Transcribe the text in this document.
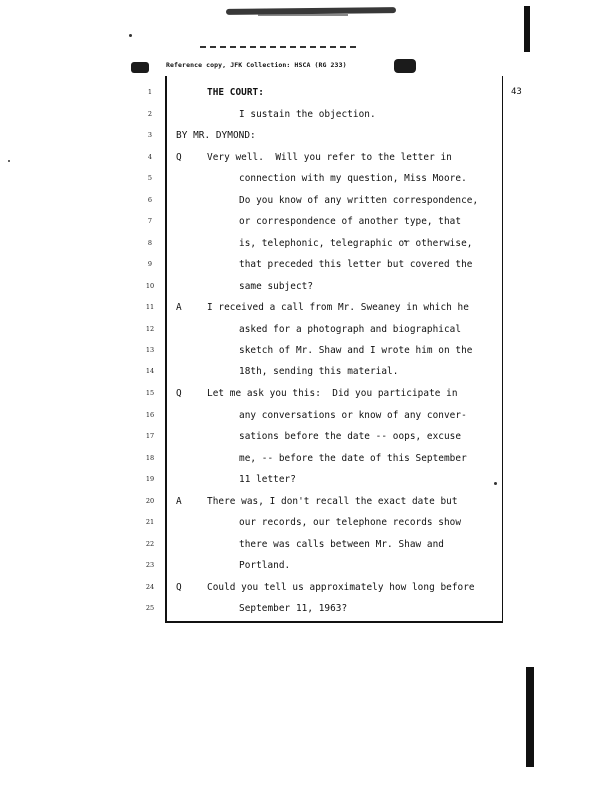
Reference copy, JFK Collection: HSCA (RG 233)
43
1
2
3
4
5
6
7
8
9
10
11
12
13
14
15
16
17
18
19
20
21
22
23
24
25
Q
A
Q
A
Q
THE COURT:
I sustain the objection.
BY MR. DYMOND:
Very well.  Will you refer to the letter in
connection with my question, Miss Moore.
Do you know of any written correspondence,
or correspondence of another type, that
is, telephonic, telegraphic or otherwise,
that preceded this letter but covered the
same subject?
I received a call from Mr. Sweaney in which he
asked for a photograph and biographical
sketch of Mr. Shaw and I wrote him on the
18th, sending this material.
Let me ask you this:  Did you participate in
any conversations or know of any conver-
sations before the date -- oops, excuse
me, -- before the date of this September
11 letter?
There was, I don't recall the exact date but
our records, our telephone records show
there was calls between Mr. Shaw and
Portland.
Could you tell us approximately how long before
September 11, 1963?
